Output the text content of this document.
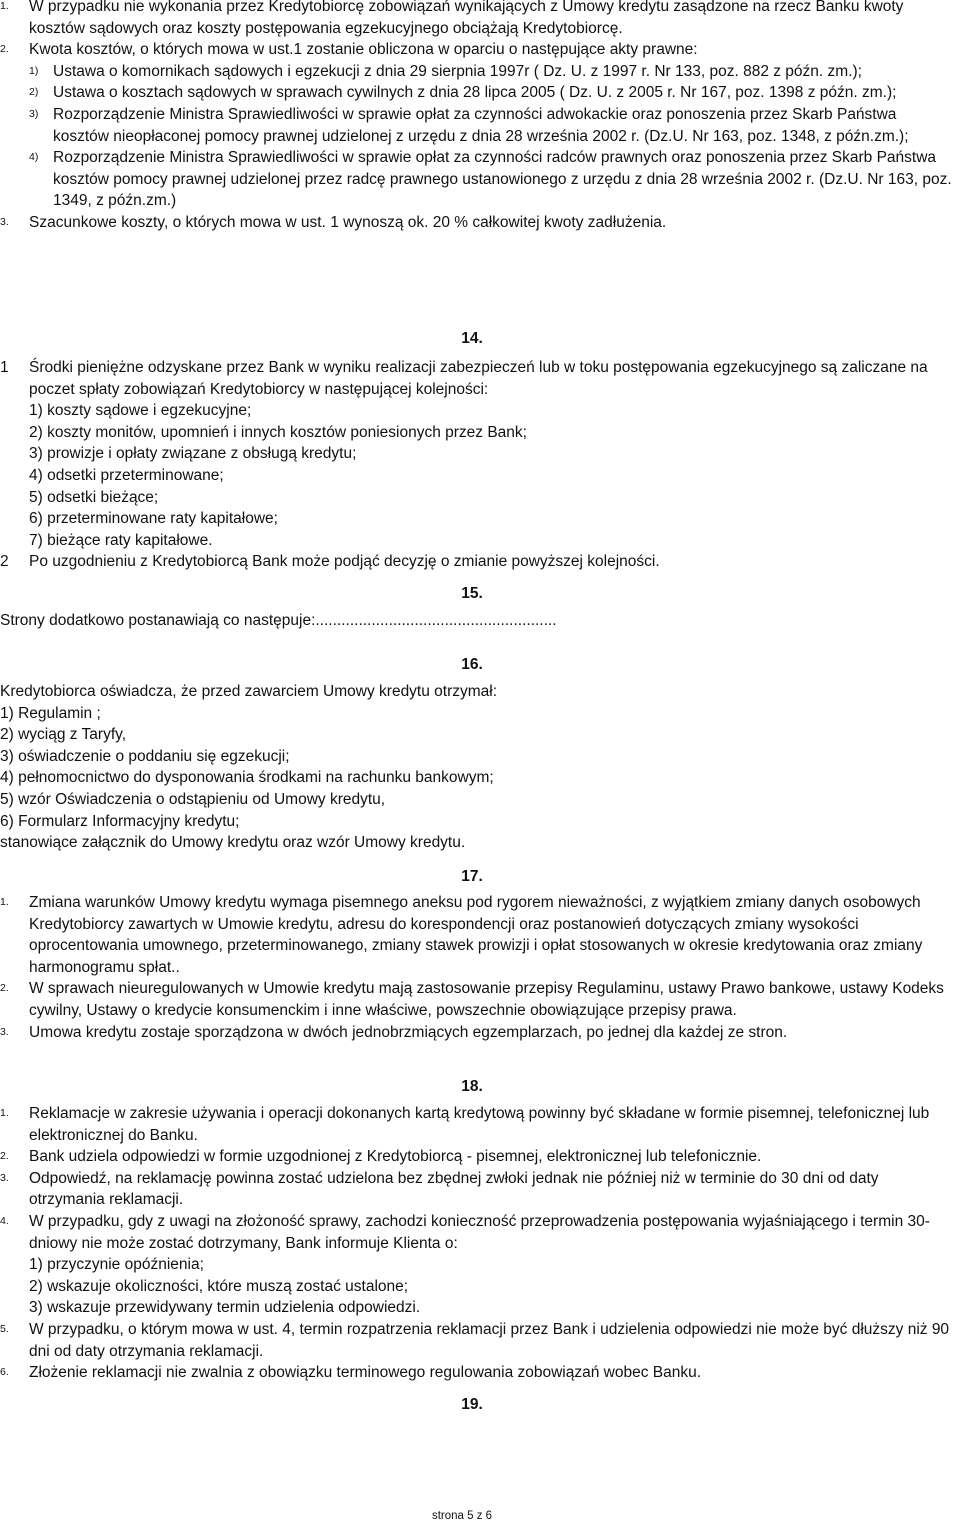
1.	W przypadku nie wykonania przez Kredytobiorcę zobowiązań wynikających z Umowy kredytu zasądzone na rzecz Banku kwoty kosztów sądowych oraz koszty postępowania egzekucyjnego obciążają Kredytobiorcę.
2.	Kwota kosztów, o których mowa w ust.1 zostanie obliczona w oparciu o następujące akty prawne:
1) Ustawa o komornikach sądowych i egzekucji z dnia 29 sierpnia 1997r ( Dz. U. z 1997 r. Nr 133, poz. 882 z późn. zm.);
2) Ustawa o kosztach sądowych w sprawach cywilnych z dnia 28 lipca 2005 ( Dz. U. z 2005 r. Nr 167, poz. 1398 z późn. zm.);
3) Rozporządzenie Ministra Sprawiedliwości w sprawie opłat za czynności adwokackie oraz ponoszenia przez Skarb Państwa kosztów nieopłaconej pomocy prawnej udzielonej z urzędu z dnia 28 września 2002 r. (Dz.U. Nr 163, poz. 1348, z późn.zm.);
4) Rozporządzenie Ministra Sprawiedliwości w sprawie opłat za czynności radców prawnych oraz ponoszenia przez Skarb Państwa kosztów pomocy prawnej udzielonej przez radcę prawnego ustanowionego z urzędu z dnia 28 września 2002 r. (Dz.U. Nr 163, poz. 1349, z późn.zm.)
3.	Szacunkowe koszty, o których mowa w ust. 1 wynoszą ok. 20 % całkowitej kwoty zadłużenia.
14.
1	Środki pieniężne odzyskane przez Bank w wyniku realizacji zabezpieczeń lub w toku postępowania egzekucyjnego są zaliczane na poczet spłaty zobowiązań Kredytobiorcy w następującej kolejności:
1) koszty sądowe i egzekucyjne;
2) koszty monitów, upomnień i innych kosztów poniesionych przez Bank;
3) prowizje i opłaty związane z obsługą kredytu;
4) odsetki przeterminowane;
5) odsetki bieżące;
6) przeterminowane raty kapitałowe;
7) bieżące raty kapitałowe.
2	Po uzgodnieniu z Kredytobiorcą Bank może podjąć decyzję o zmianie powyższej kolejności.
15.
Strony dodatkowo postanawiają co następuje:........................................................
16.
Kredytobiorca oświadcza, że przed zawarciem Umowy kredytu otrzymał:
1) Regulamin ;
2) wyciąg z Taryfy,
3) oświadczenie o poddaniu się egzekucji;
4) pełnomocnictwo do dysponowania środkami na rachunku bankowym;
5) wzór Oświadczenia o odstąpieniu od Umowy kredytu,
6) Formularz Informacyjny kredytu;
stanowiące załącznik do Umowy kredytu oraz wzór Umowy kredytu.
17.
1.	Zmiana warunków Umowy kredytu wymaga pisemnego aneksu pod rygorem nieważności, z wyjątkiem zmiany danych osobowych Kredytobiorcy zawartych w Umowie kredytu, adresu do korespondencji oraz postanowień dotyczących zmiany wysokości oprocentowania umownego, przeterminowanego, zmiany stawek prowizji i opłat stosowanych w okresie kredytowania oraz zmiany harmonogramu spłat..
2.	W sprawach nieuregulowanych w Umowie kredytu mają zastosowanie przepisy Regulaminu, ustawy Prawo bankowe, ustawy Kodeks cywilny, Ustawy o kredycie konsumenckim i inne właściwe, powszechnie obowiązujące przepisy prawa.
3.	Umowa kredytu zostaje sporządzona w dwóch jednobrzmiących egzemplarzach, po jednej dla każdej ze stron.
18.
1.	Reklamacje w zakresie używania i operacji dokonanych kartą kredytową powinny być składane w formie pisemnej, telefonicznej lub elektronicznej do Banku.
2.	Bank udziela odpowiedzi w formie uzgodnionej z Kredytobiorcą - pisemnej, elektronicznej lub telefonicznie.
3.	Odpowiedź, na reklamację powinna zostać udzielona bez zbędnej zwłoki jednak nie później niż w terminie do 30 dni od daty otrzymania reklamacji.
4.	W przypadku, gdy z uwagi na złożoność sprawy, zachodzi konieczność przeprowadzenia postępowania wyjaśniającego i termin 30-dniowy nie może zostać dotrzymany, Bank informuje Klienta o:
1) przyczynie opóźnienia;
2) wskazuje okoliczności, które muszą zostać ustalone;
3) wskazuje przewidywany termin udzielenia odpowiedzi.
5.	W przypadku, o którym mowa w ust. 4, termin rozpatrzenia reklamacji przez Bank i udzielenia odpowiedzi nie może być dłuższy niż 90 dni od daty otrzymania reklamacji.
6.	Złożenie reklamacji nie zwalnia z obowiązku terminowego regulowania zobowiązań wobec Banku.
19.
strona 5 z 6
